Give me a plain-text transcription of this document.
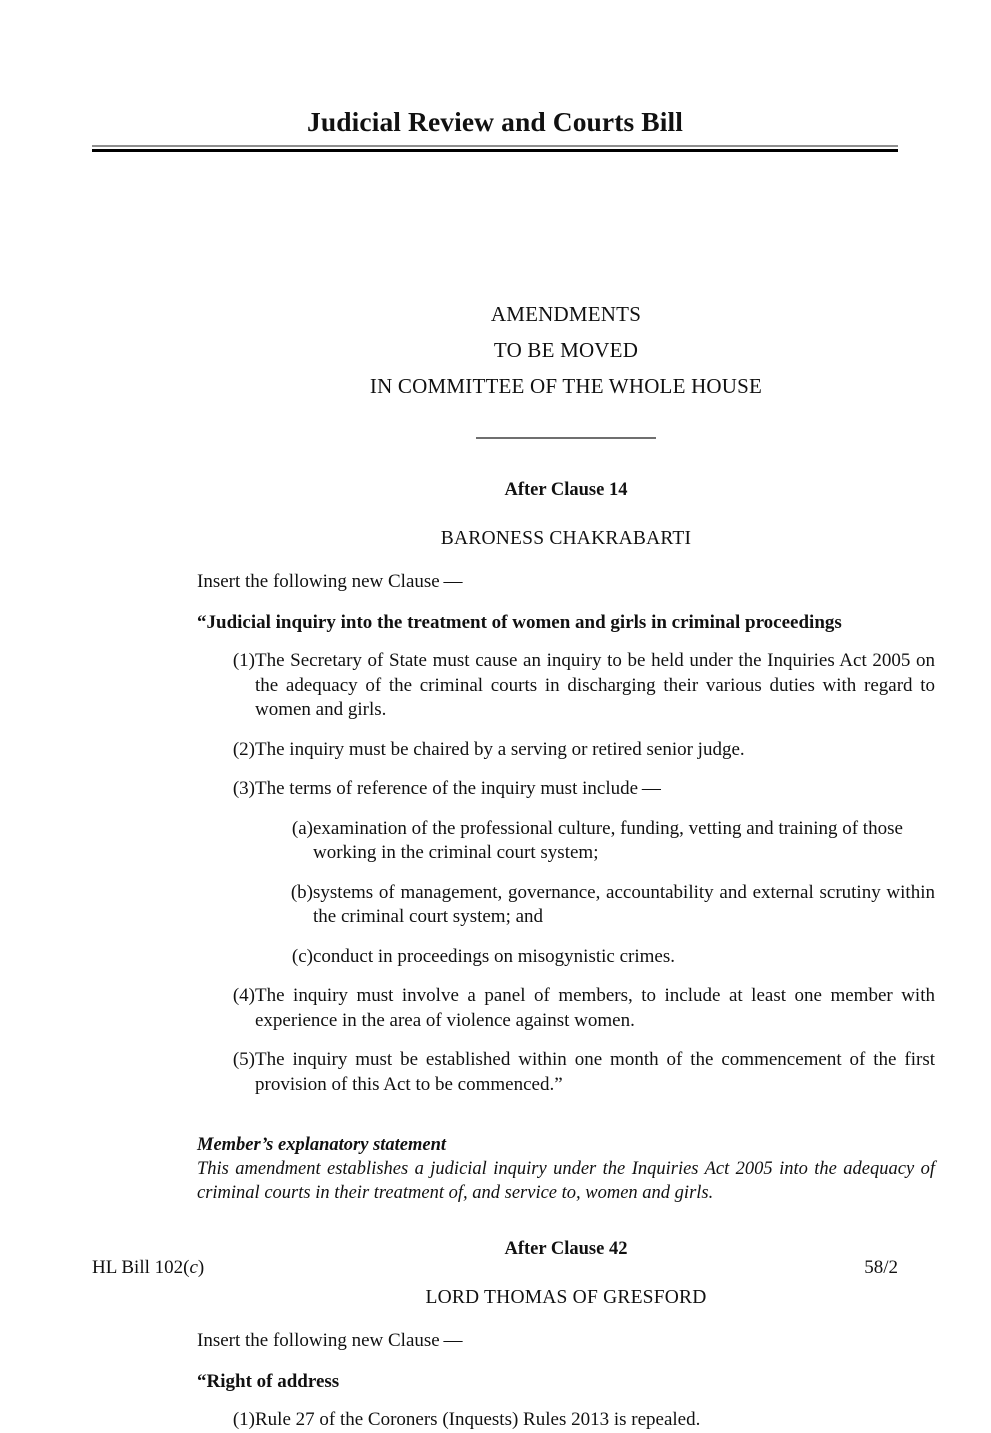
Judicial Review and Courts Bill
AMENDMENTS
TO BE MOVED
IN COMMITTEE OF THE WHOLE HOUSE
After Clause 14
BARONESS CHAKRABARTI
Insert the following new Clause —
“Judicial inquiry into the treatment of women and girls in criminal proceedings
(1) The Secretary of State must cause an inquiry to be held under the Inquiries Act 2005 on the adequacy of the criminal courts in discharging their various duties with regard to women and girls.
(2) The inquiry must be chaired by a serving or retired senior judge.
(3) The terms of reference of the inquiry must include —
(a) examination of the professional culture, funding, vetting and training of those working in the criminal court system;
(b) systems of management, governance, accountability and external scrutiny within the criminal court system; and
(c) conduct in proceedings on misogynistic crimes.
(4) The inquiry must involve a panel of members, to include at least one member with experience in the area of violence against women.
(5) The inquiry must be established within one month of the commencement of the first provision of this Act to be commenced.”
Member’s explanatory statement
This amendment establishes a judicial inquiry under the Inquiries Act 2005 into the adequacy of criminal courts in their treatment of, and service to, women and girls.
After Clause 42
LORD THOMAS OF GRESFORD
Insert the following new Clause —
“Right of address
(1) Rule 27 of the Coroners (Inquests) Rules 2013 is repealed.
HL Bill 102(c)	58/2
